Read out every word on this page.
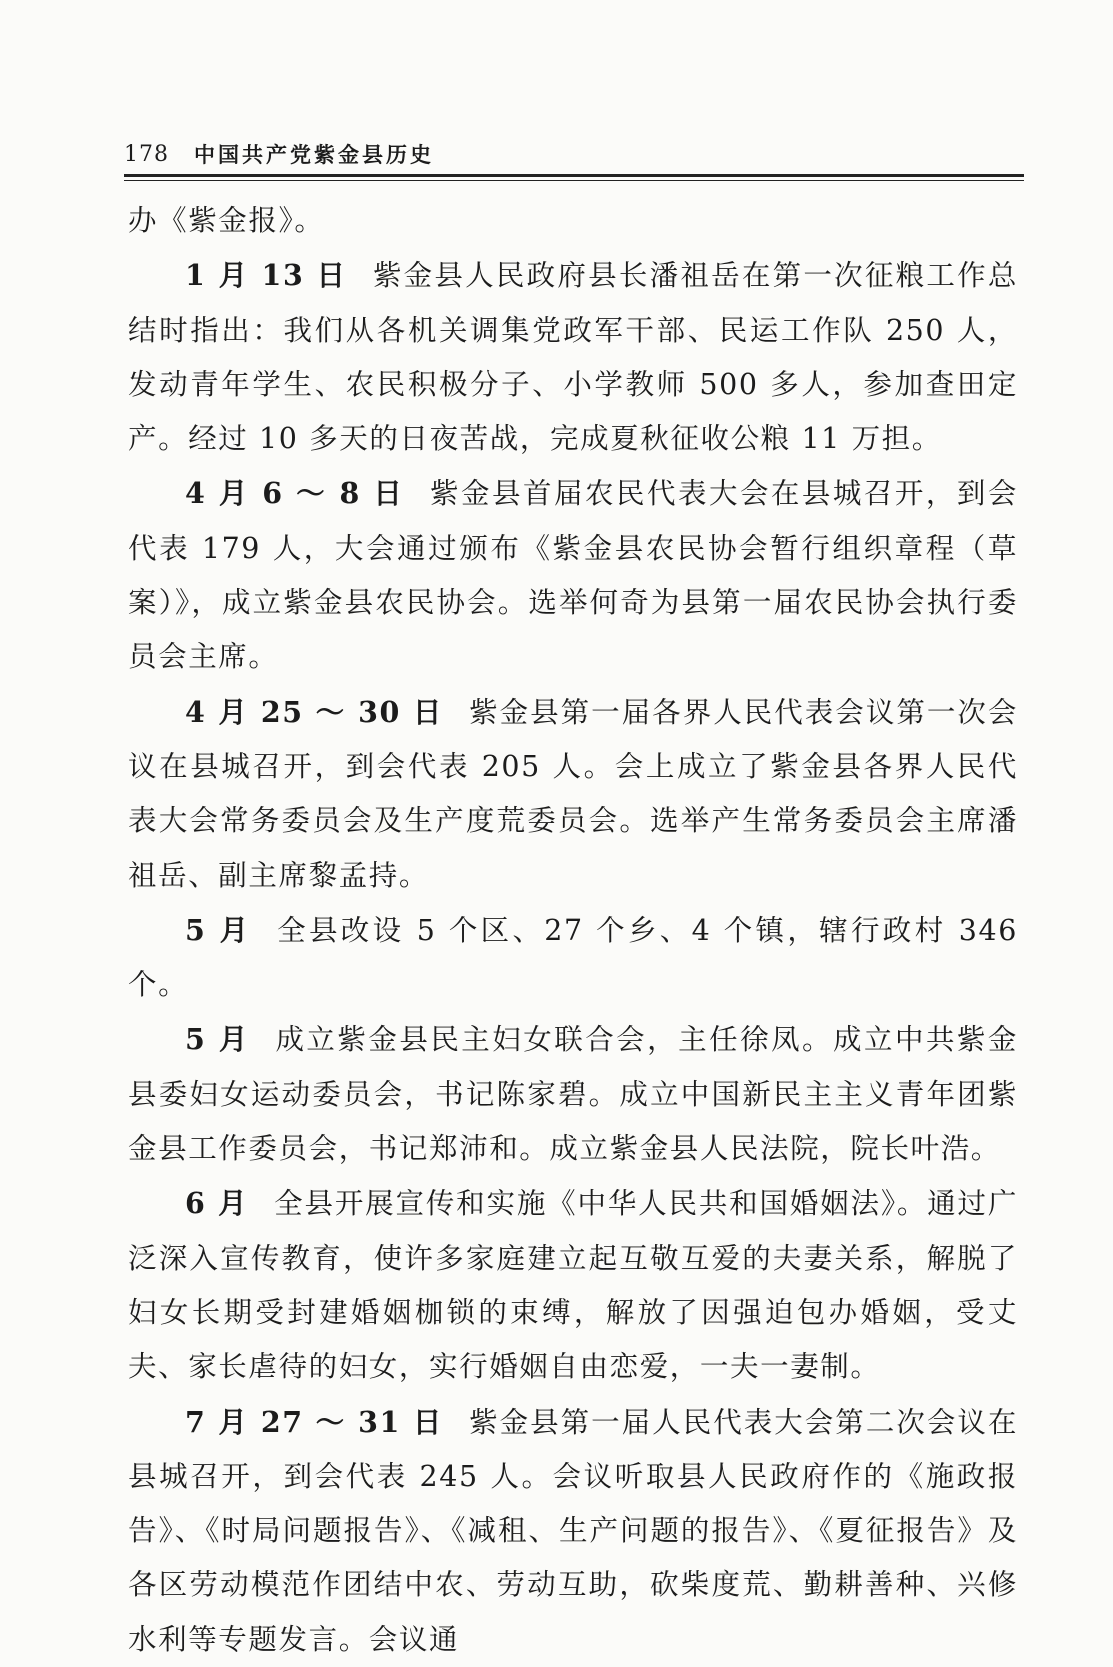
178 中国共产党紫金县历史

办《紫金报》。

1 月 13 日 紫金县人民政府县长潘祖岳在第一次征粮工作总结时指出：我们从各机关调集党政军干部、民运工作队 250 人，发动青年学生、农民积极分子、小学教师 500 多人，参加查田定产。经过 10 多天的日夜苦战，完成夏秋征收公粮 11 万担。

4 月 6 ～ 8 日 紫金县首届农民代表大会在县城召开，到会代表 179 人，大会通过颁布《紫金县农民协会暂行组织章程（草案）》，成立紫金县农民协会。选举何奇为县第一届农民协会执行委员会主席。

4 月 25 ～ 30 日 紫金县第一届各界人民代表会议第一次会议在县城召开，到会代表 205 人。会上成立了紫金县各界人民代表大会常务委员会及生产度荒委员会。选举产生常务委员会主席潘祖岳、副主席黎孟持。

5 月 全县改设 5 个区、27 个乡、4 个镇，辖行政村 346 个。

5 月 成立紫金县民主妇女联合会，主任徐凤。成立中共紫金县委妇女运动委员会，书记陈家碧。成立中国新民主主义青年团紫金县工作委员会，书记郑沛和。成立紫金县人民法院，院长叶浩。

6 月 全县开展宣传和实施《中华人民共和国婚姻法》。通过广泛深入宣传教育，使许多家庭建立起互敬互爱的夫妻关系，解脱了妇女长期受封建婚姻枷锁的束缚，解放了因强迫包办婚姻，受丈夫、家长虐待的妇女，实行婚姻自由恋爱，一夫一妻制。

7 月 27 ～ 31 日 紫金县第一届人民代表大会第二次会议在县城召开，到会代表 245 人。会议听取县人民政府作的《施政报告》、《时局问题报告》、《减租、生产问题的报告》、《夏征报告》及各区劳动模范作团结中农、劳动互助，砍柴度荒、勤耕善种、兴修水利等专题发言。会议通
